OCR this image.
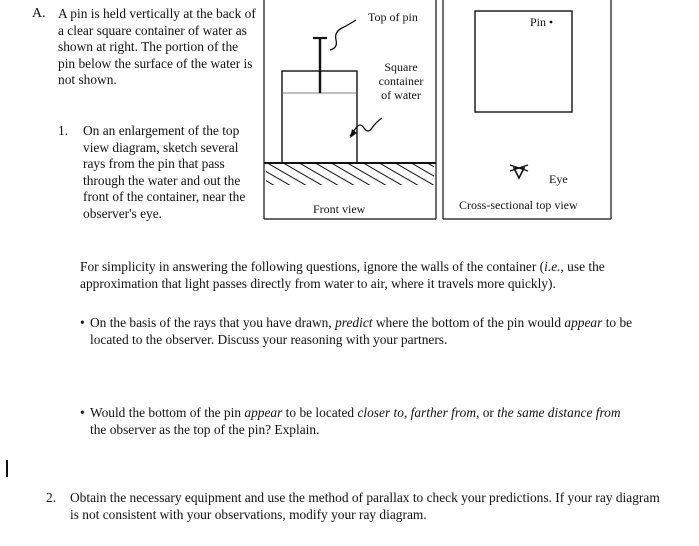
A. A pin is held vertically at the back of a clear square container of water as shown at right. The portion of the pin below the surface of the water is not shown.
1. On an enlargement of the top view diagram, sketch several rays from the pin that pass through the water and out the front of the container, near the observer's eye.	Front view
Top of pin
Square
container
of water
Pin
Eye
Cross-sectional top view
For simplicity in answering the following questions, ignore the walls of the container (i.e., use the approximation that light passes directly from water to air, where it travels more quickly).
• On the basis of the rays that you have drawn, predict where the bottom of the pin would appear to be located to the observer. Discuss your reasoning with your partners.
• Would the bottom of the pin appear to be located closer to, farther from, or the same distance from the observer as the top of the pin? Explain.
2. Obtain the necessary equipment and use the method of parallax to check your predictions. If your ray diagram is not consistent with your observations, modify your ray diagram.
